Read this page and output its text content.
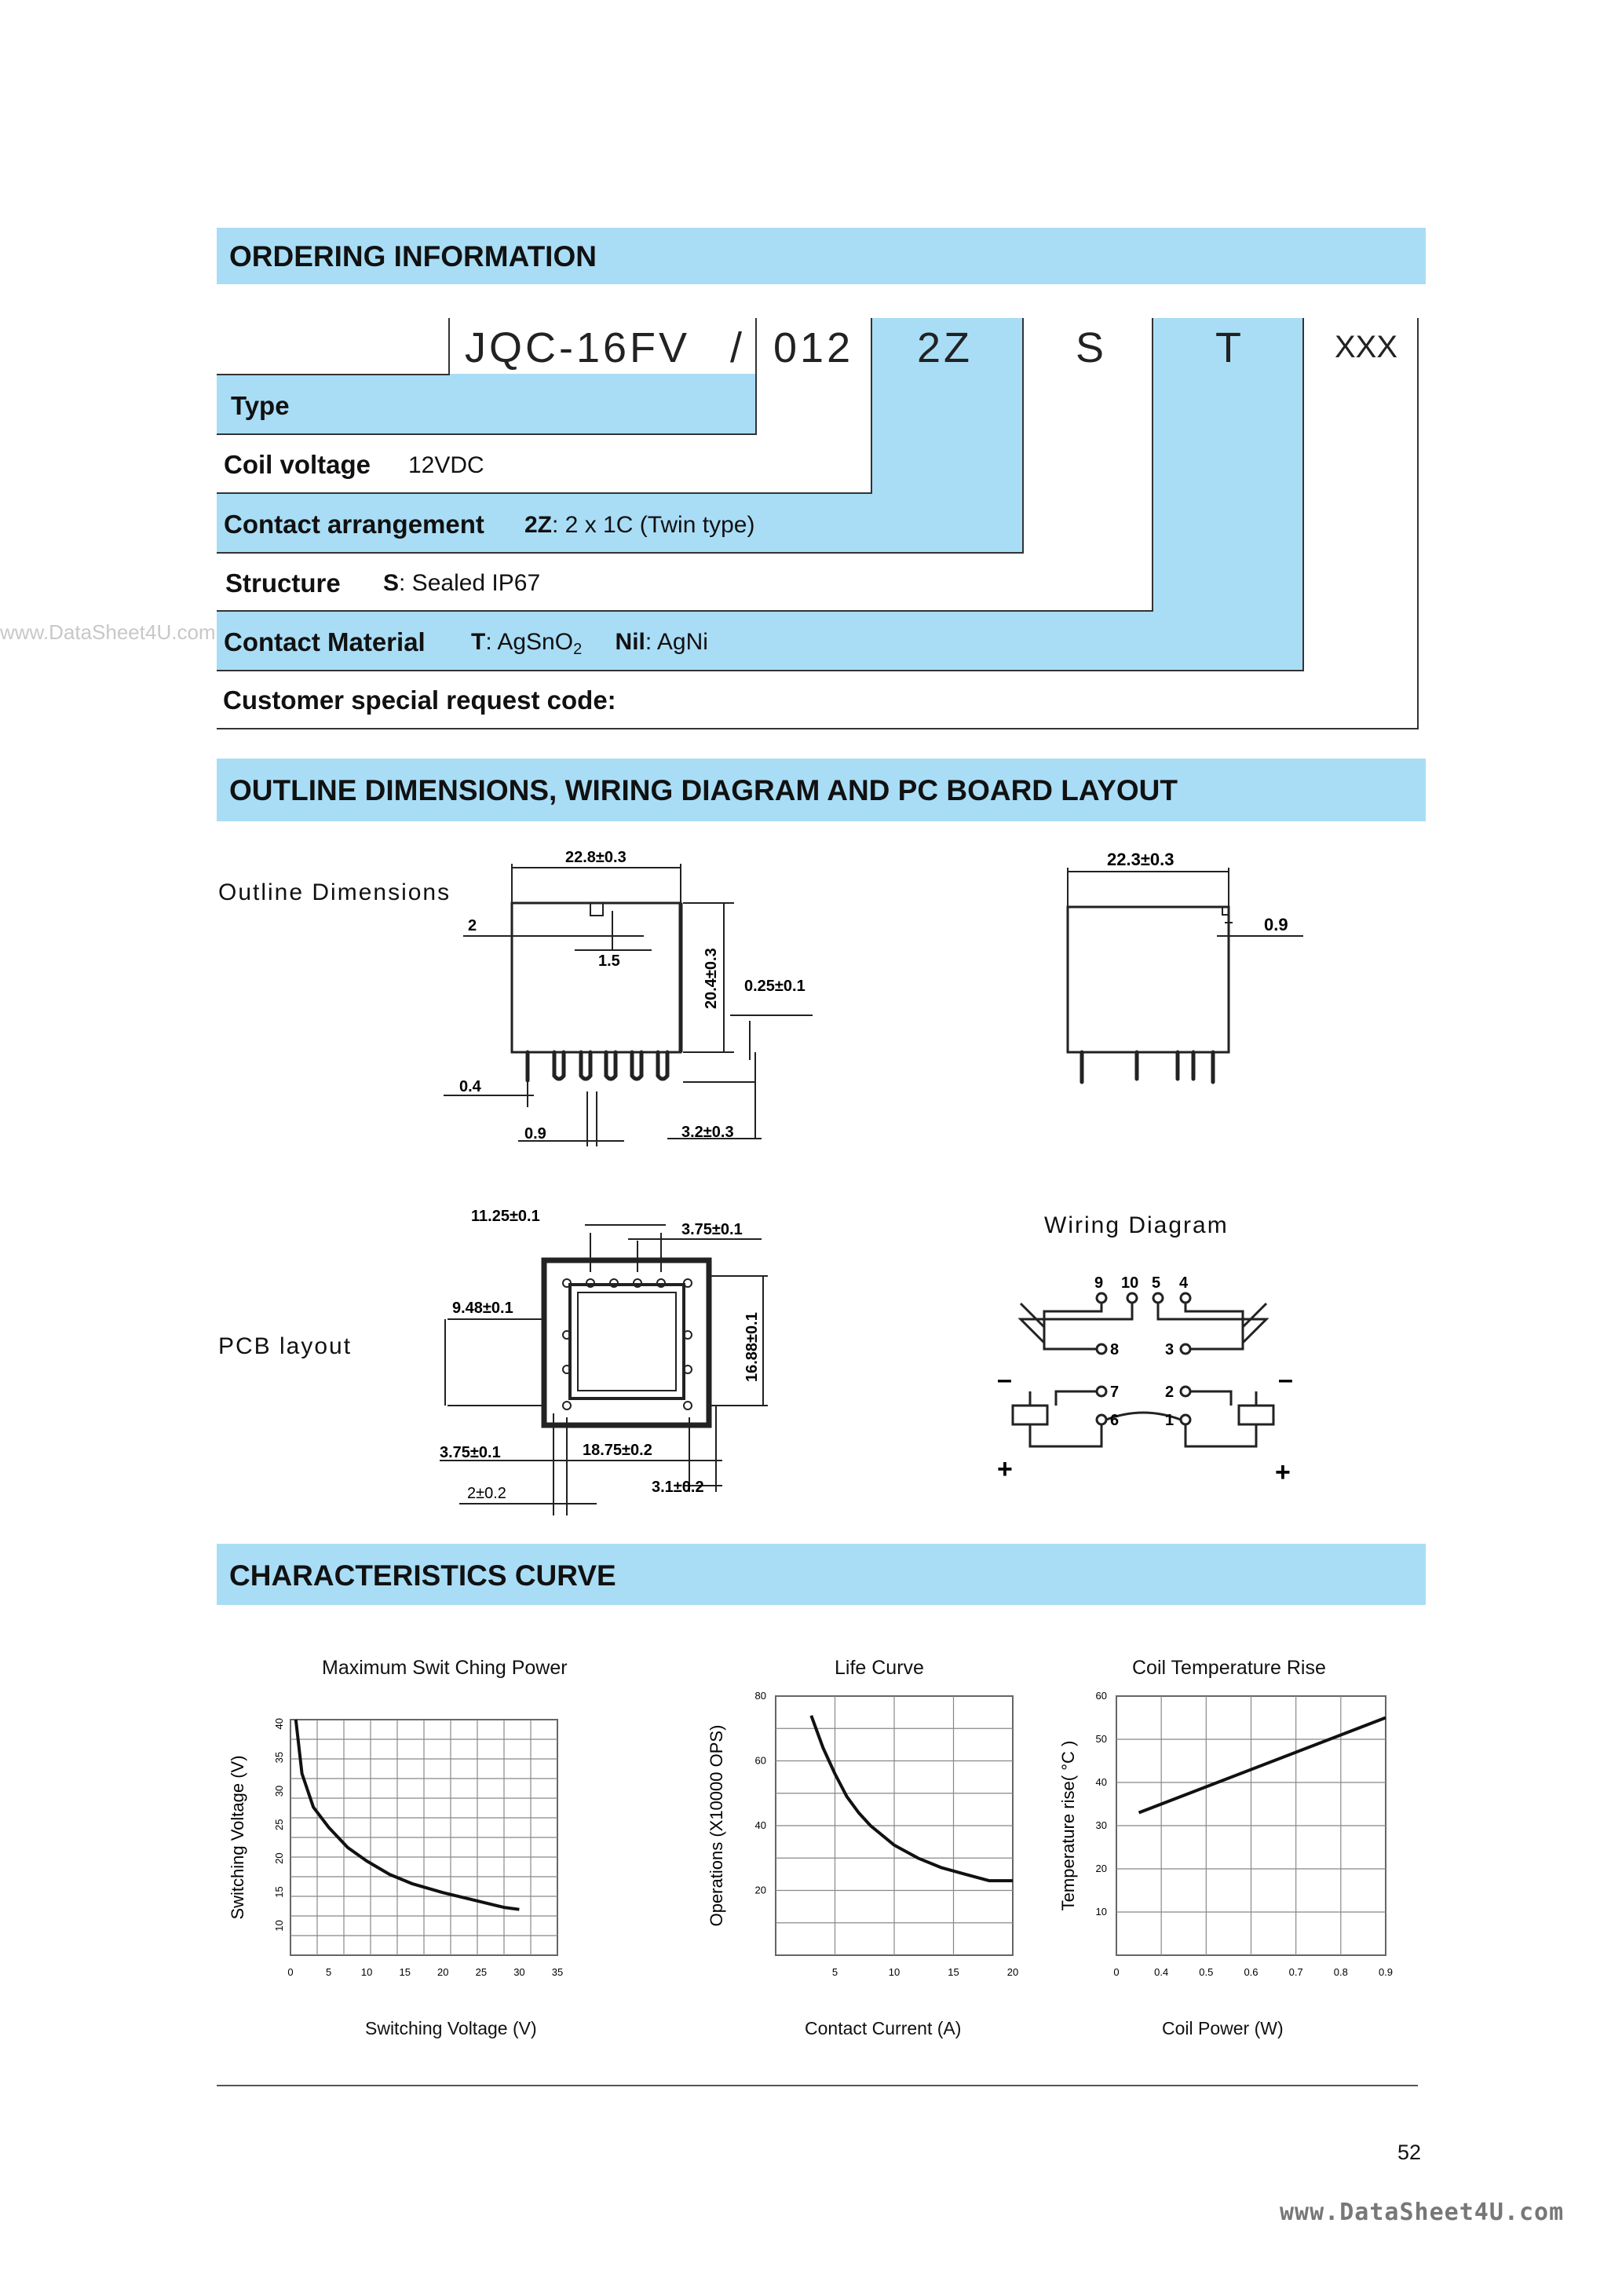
ORDERING INFORMATION
JQC-16FV / 012 2Z S	T	XXX
Type
Coil voltage 12VDC
Contact arrangement 2Z: 2 x 1C (Twin type)
Structure S: Sealed IP67
www.DataSheet4U.com Contact Material T: AgSnO$_2$ Nil: AgNi
Customer special request code:
OUTLINE DIMENSIONS, WIRING DIAGRAM AND PC BOARD LAYOUT
Outline Dimensions
PCB layout
Wiring Diagram
22.8±0.3
2
1.5	20.4±0.3 0.25±0.1
0.4
0.9	3.2±0.3
22.3±0.3
0.9
11.25±0.1
3.75±0.1
9.48±0.1
16.88±0.1
3.75±0.1	18.75±0.2
2±0.2	3.1±0.2
9 10 5 4
8	3
7	2
6	1
–	–
+	+
CHARACTERISTICS CURVE
Maximum Swit Ching Power
0	5	10	15	20	25	30	35
10
15
20
25
30
35
40
Switching Voltage (V)
Switching Voltage (V)
Life Curve
5	10	15	20
20
40
60
80
Operations (X10000 OPS)
Contact Current (A)
Coil Temperature Rise
0	0.4	0.5	0.6	0.7	0.8	0.9
10
20
30
40
50
60
Temperature rise( °C )
Coil Power (W)
52
www.DataSheet4U.com
